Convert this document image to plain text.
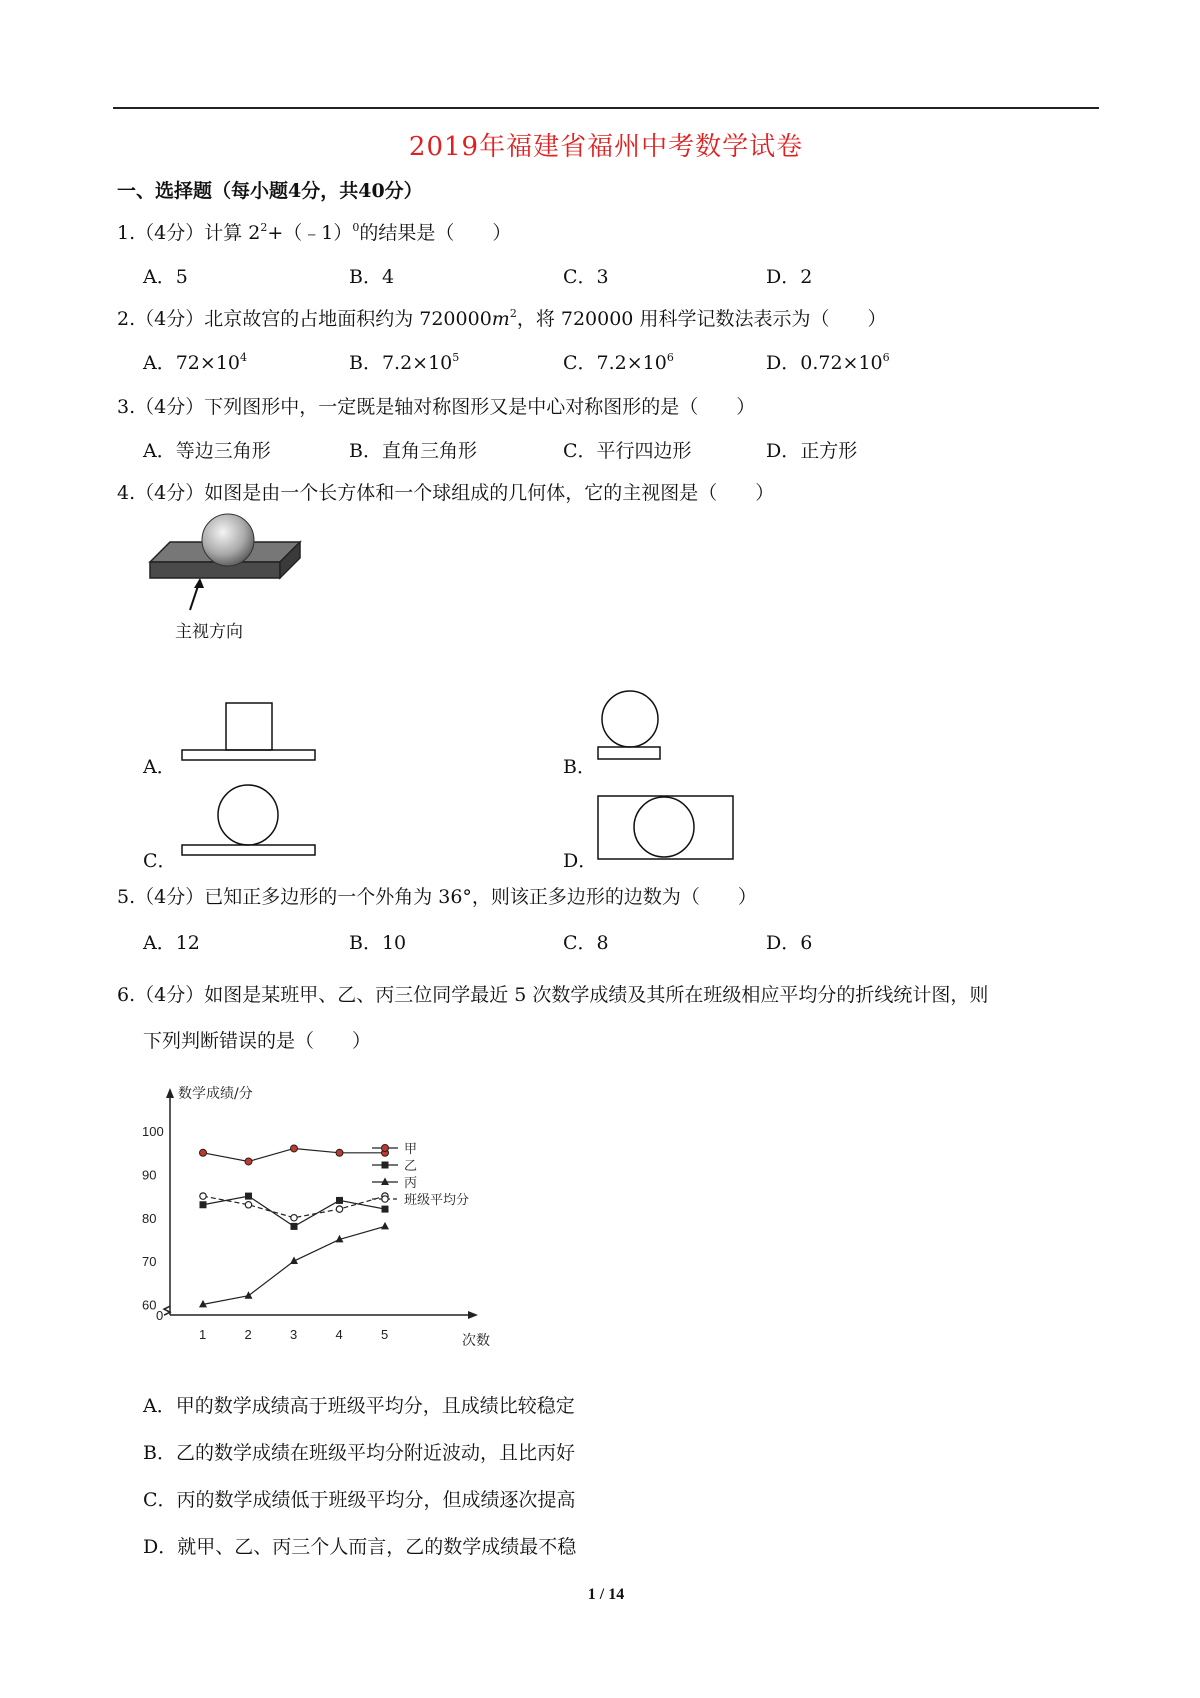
2019年福建省福州中考数学试卷
一、选择题（每小题4分，共40分）
1.（4分）计算 $2^2+(﹣1)^0$的结果是（　　）
A．5	B．4	C．3	D．2
2.（4分）北京故宫的占地面积约为 $720000m^2$，将 720000 用科学记数法表示为（　　）
A．$72\times 10^4$	B．$7.2\times 10^5$	C．$7.2\times 10^6$	D．$0.72\times 10^6$
3.（4分）下列图形中，一定既是轴对称图形又是中心对称图形的是（　　）
A．等边三角形	B．直角三角形	C．平行四边形	D．正方形
4.（4分）如图是由一个长方体和一个球组成的几何体，它的主视图是（　　）
主视方向
A．	B．
C．	D．
5.（4分）已知正多边形的一个外角为 36°，则该正多边形的边数为（　　）
A．12	B．10	C．8	D．6
6.（4分）如图是某班甲、乙、丙三位同学最近 5 次数学成绩及其所在班级相应平均分的折线统计图，则
下列判断错误的是（　　）
数学成绩/分
次数
0
60
70
80
90
100
1	2	3	4	5
甲
乙
丙
班级平均分
A．甲的数学成绩高于班级平均分，且成绩比较稳定
B．乙的数学成绩在班级平均分附近波动，且比丙好
C．丙的数学成绩低于班级平均分，但成绩逐次提高
D．就甲、乙、丙三个人而言，乙的数学成绩最不稳
1 / 14
